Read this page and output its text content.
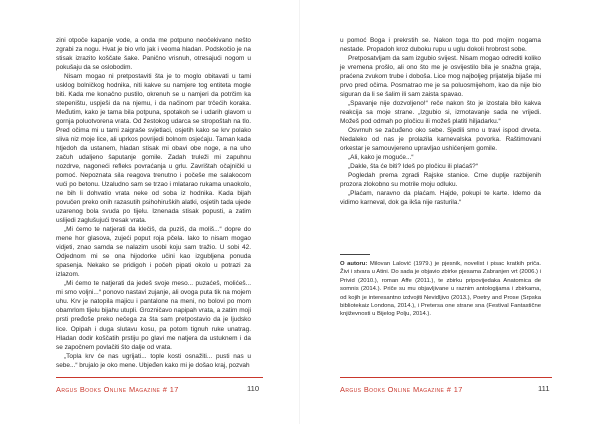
zini otpoče kapanje vode, a onda me potpuno neočekivano nešto zgrabi za nogu. Hvat je bio vrlo jak i veoma hladan. Podskočio je na stisak izrazito koščate šake. Panično vrisnuh, otresajući nogom u pokušaju da se oslobodim.

Nisam mogao ni pretpostaviti šta je to moglo obitavati u tami usklog bolničkog hodnika, niti kakve su namjere tog entiteta mogle biti. Kada me konačno pustilo, okrenuh se u namjeri da potrčim ka stepeništu, uspješi da na njemu, i da načinom par trčećih koraka. Međutim, kako je tama bila potpuna, spotakoh se i udarih glavom u gornja poluotvorena vrata. Od žestokog udarca se stropoštah na tlo. Pred očima mi u tami zaigraše svjetlaci, osjetih kako se krv polako sliva niz moje lice, ali uprkos povrijedi bolnom osjećaju. Taman kada htjedoh da ustanem, hladan stisak mi obavi obe noge, a na uho začuh udaljeno šaputanje gomile. Zadah truleži mi zapuhnu nozdrve, nagoneći refleks povraćanja u grlu. Zavrištah očajnički u pomoć. Nepoznata sila reagova trenutno i počeše me salakocom vući po betonu. Uzaludno sam se trzao i mlatarao rukama unaokolo, ne bih li dohvatio vrata neke od soba iz hodnika. Kada bijah povučen preko onih razasutih psihohiruških alatki, osjetih tada ujede uzarenog bola svuda po tijelu. Iznenada stisak popusti, a zatim uslijedi zaglušujući tresak vrata.

„Mi ćemo te natjerati da klečiš, da puziš, da moliš...“ dopre do mene hor glasova, zujeći poput roja pčela. Iako to nisam mogao vidjeti, znao samda se nalazim usobi koju sam tražio. U sobi 42. Odjednom mi se ona hijodorke učini kao izgubljena ponuda spasenja. Nekako se pridigoh i počeh pipati okolo u potrazi za izlazom.

„Mi ćemo te natjerati da jedeš svoje meso... puzaćeš, molićeš... mi smo voljni...“ ponovo nastavi zujanje, ali ovoga puta tik na mojem uhu. Krv je natopila majicu i pantalone na meni, no bolovi po mom obamrlom tijelu bijahu utupli. Grozničavo napipah vrata, a zatim moji prsti pređoše preko nečega za šta sam pretpostavio da je ljudsko lice. Opipah i duga slutavu kosu, pa potom tignuh ruke unatrag. Hladan dodir koščatih prstiju po glavi me natjera da ustuknem i da se započnem povlačiti što dalje od vrata.

„Topla krv će nas ugrijati... tople kosti osnažiti... pusti nas u sebe...“ brujalo je oko mene. Ubjeđen kako mi je došao kraj, pozvah

Argus Books Online Magazine # 17	110

u pomoć Boga i prekrstih se. Nakon toga tto pod mojim nogama nestade. Propadoh kroz duboku rupu u uglu dokoli hrobrost sobe.

Pretposatvljam da sam izgubio svijest. Nisam mogao odrediti koliko je vremena prošlo, ali ono što me je osvijestilo bila je snažna graja, praćena zvukom trube i doboša. Lice mog najboljeg prijatelja bijaše mi prvo pred očima. Posmatrao me je sa poluosmijehom, kao da nije bio siguran da li se šalim ili sam zaista spavao.

„Spavanje nije dozvoljeno!“ reče nakon što je izostala bilo kakva reakcija sa moje strane. „Izgubio si, izmotavanje sada ne vrijedi. Možeš pod odmah po pločicu ili možeš platiti hiljadarku.“

Osvrnuh se začuđeno oko sebe. Sjedili smo u travi ispod drveta. Nedaleko od nas je prolazila karnevalska povorka. Raštimovani orkestar je samouvjereno upravljao ushićenjem gomile.

„Ali, kako je moguće...“

„Dakle, šta će biti? Ideš po pločicu ili plaćaš?“

Pogledah prema zgradi Rajske stanice. Crne duplje razbijenih prozora zlokobno su motrile moju odluku.

„Plaćam, naravno da plaćam. Hajde, pokupi te karte. Idemo da vidimo karneval, dok ga ikša nije rasturila.“

O autoru: Milovan Lalović (1979.) je pjesnik, novelist i pisac kratkih priča. Živi i stvara u Atini. Do sada je objavio zbirke pjesama Zabranjen vrt (2006.) i Privid (2010.), roman Affe (2011.), te zbirku pripovijedaka Anatomica de somnis (2014.). Priče su mu objavljivane u raznim antologijama i zbirkama, od kojih je interesantno izdvojiti Nevidljivo (2013.), Poetry and Prose (Srpska bibliotekaiz Londona, 2014.), i Pretersa one strane sna (Festival Fantastične književnosti u Bijelog Polju, 2014.).
Argus Books Online Magazine # 17	111
